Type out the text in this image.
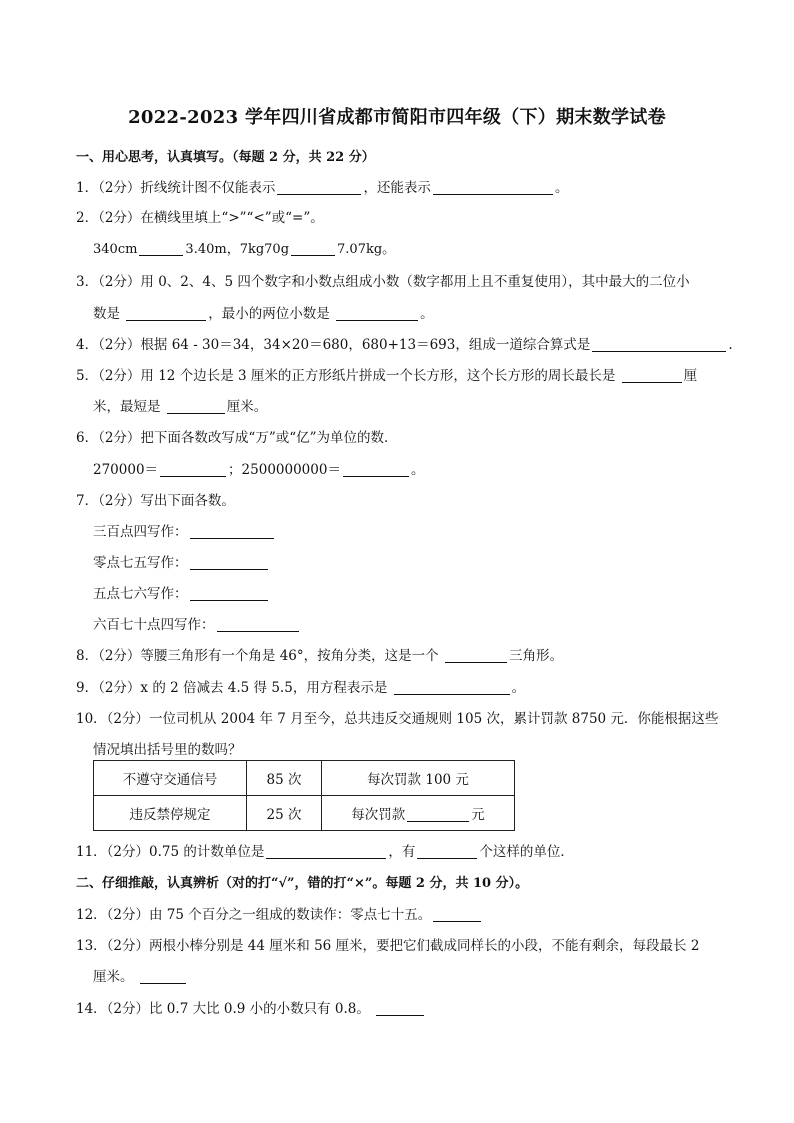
2022-2023 学年四川省成都市简阳市四年级（下）期末数学试卷
一、用心思考，认真填写。（每题 2 分，共 22 分）
1．（2分）折线统计图不仅能表示	，还能表示	。
2．（2分）在横线里填上“>”“<”或“=”。
340cm	3.40m，7kg70g	7.07kg。
3．（2分）用 0、2、4、5 四个数字和小数点组成小数（数字都用上且不重复使用），其中最大的二位小
数是	，最小的两位小数是	。
4．（2分）根据 64 - 30＝34，34×20＝680，680+13＝693，组成一道综合算式是	.
5．（2分）用 12 个边长是 3 厘米的正方形纸片拼成一个长方形，这个长方形的周长最长是	厘
米，最短是	厘米。
6．（2分）把下面各数改写成“万”或“亿”为单位的数．
270000＝	；2500000000＝	。
7．（2分）写出下面各数。
三百点四写作：
零点七五写作：
五点七六写作：
六百七十点四写作：
8．（2分）等腰三角形有一个角是 46°，按角分类，这是一个	三角形。
9．（2分）x 的 2 倍减去 4.5 得 5.5，用方程表示是	。
10．（2分）一位司机从 2004 年 7 月至今，总共违反交通规则 105 次，累计罚款 8750 元．你能根据这些
情况填出括号里的数吗？
不遵守交通信号	85 次	每次罚款 100 元
违反禁停规定	25 次	每次罚款 元
11．（2分）0.75 的计数单位是	，有	个这样的单位．
二、仔细推敲，认真辨析（对的打“√”，错的打“×”。每题 2 分，共 10 分）。
12．（2分）由 75 个百分之一组成的数读作：零点七十五。
13．（2分）两根小棒分别是 44 厘米和 56 厘米，要把它们截成同样长的小段，不能有剩余，每段最长 2
厘米。
14．（2分）比 0.7 大比 0.9 小的小数只有 0.8。
